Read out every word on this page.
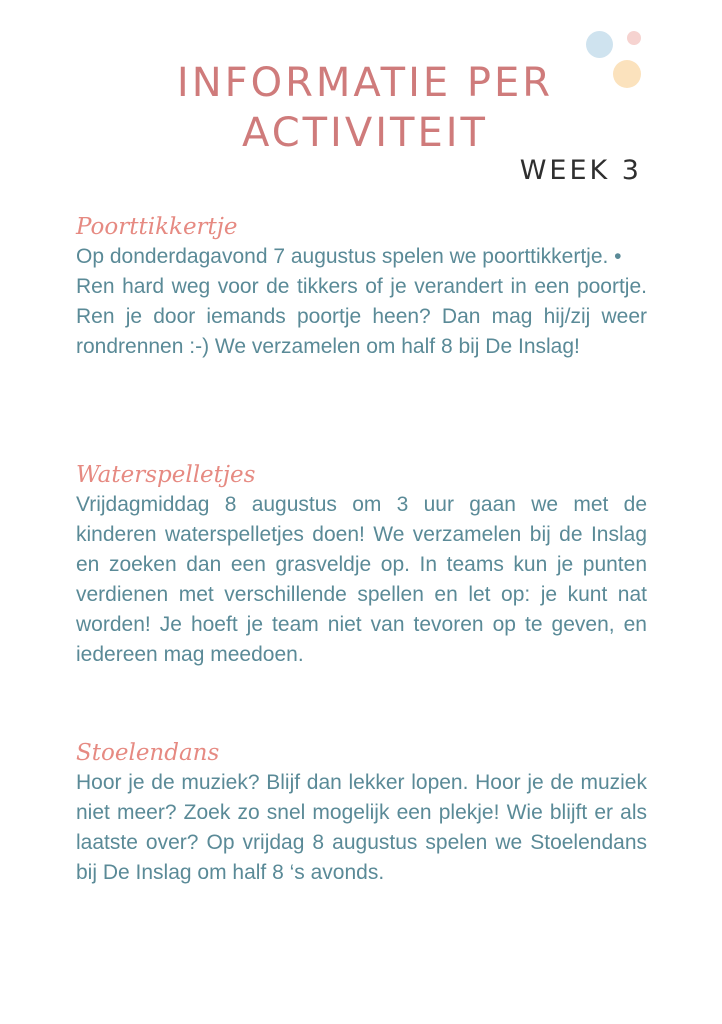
INFORMATIE PER ACTIVITEIT
WEEK 3
Poorttikkertje

Op donderdagavond 7 augustus spelen we poorttikkertje. •

Ren hard weg voor de tikkers of je verandert in een poortje. Ren je door iemands poortje heen? Dan mag hij/zij weer rondrennen :-) We verzamelen om half 8 bij De Inslag!

Waterspelletjes

Vrijdagmiddag 8 augustus om 3 uur gaan we met de kinderen waterspelletjes doen! We verzamelen bij de Inslag en zoeken dan een grasveldje op. In teams kun je punten verdienen met verschillende spellen en let op: je kunt nat worden! Je hoeft je team niet van tevoren op te geven, en iedereen mag meedoen.

Stoelendans

Hoor je de muziek? Blijf dan lekker lopen. Hoor je de muziek niet meer? Zoek zo snel mogelijk een plekje! Wie blijft er als laatste over? Op vrijdag 8 augustus spelen we Stoelendans bij De Inslag om half 8 ‘s avonds.
